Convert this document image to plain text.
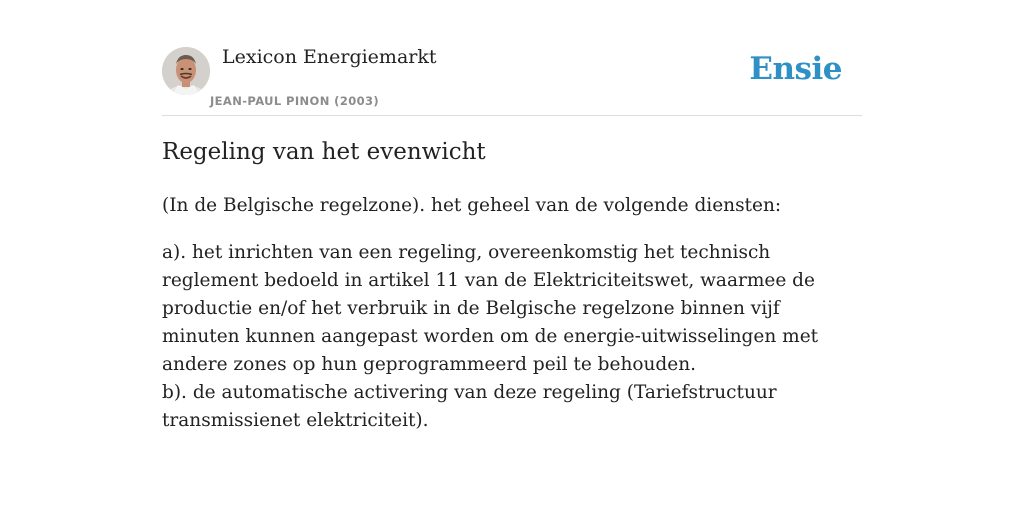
Lexicon Energiemarkt
JEAN-PAUL PINON (2003)
Ensie
Regeling van het evenwicht
(In de Belgische regelzone). het geheel van de volgende diensten:
a). het inrichten van een regeling, overeenkomstig het technisch reglement bedoeld in artikel 11 van de Elektriciteitswet, waarmee de productie en/of het verbruik in de Belgische regelzone binnen vijf minuten kunnen aangepast worden om de energie-uitwisselingen met andere zones op hun geprogrammeerd peil te behouden.
b). de automatische activering van deze regeling (Tariefstructuur transmissienet elektriciteit).
